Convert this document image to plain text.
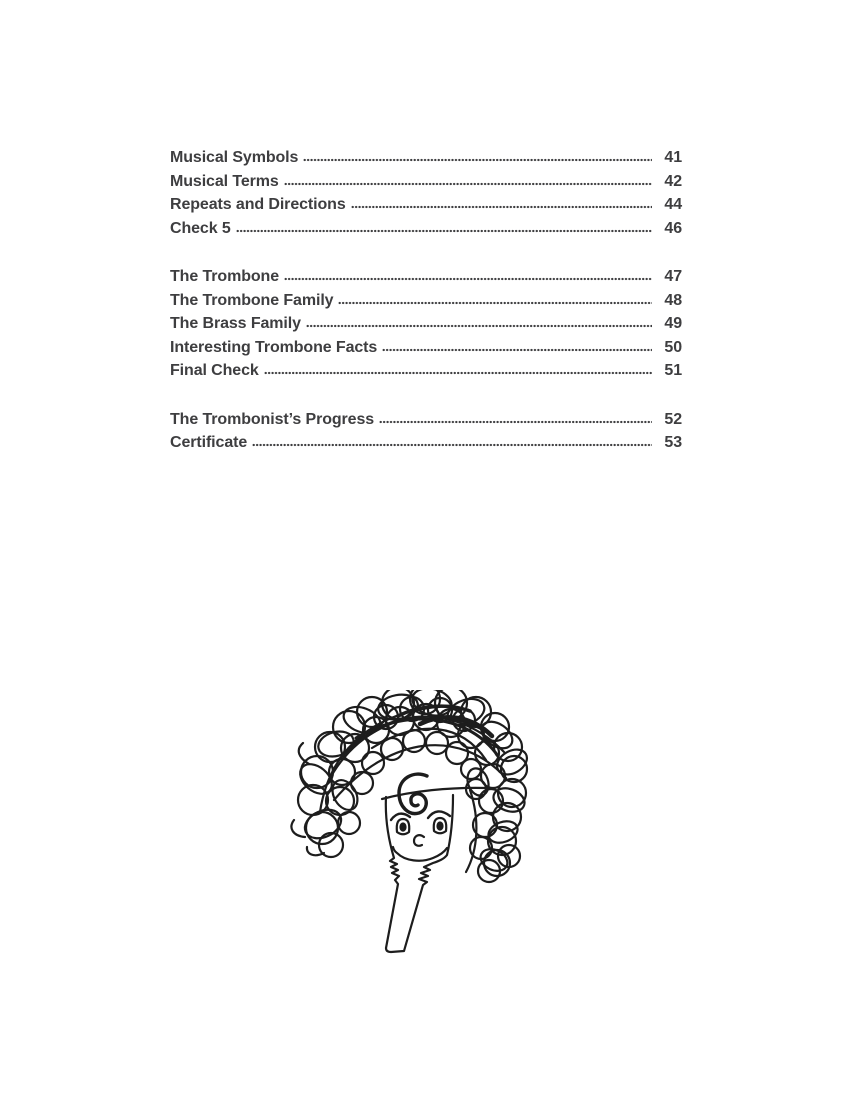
Musical Symbols	41
Musical Terms	42
Repeats and Directions	44
Check 5	46
The Trombone	47
The Trombone Family	48
The Brass Family	49
Interesting Trombone Facts	50
Final Check	51
The Trombonist’s Progress	52
Certificate	53
